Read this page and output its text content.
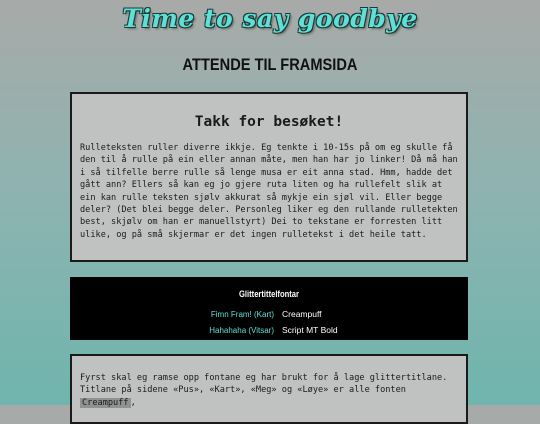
Time to say goodbye
ATTENDE TIL FRAMSIDA
Takk for besøket!

Rulleteksten ruller diverre ikkje. Eg tenkte i 10-15s på om eg skulle få den til å rulle på ein eller annan måte, men han har jo linker! Då må han i så tilfelle berre rulle så lenge musa er eit anna stad. Hmm, hadde det gått ann? Ellers så kan eg jo gjere ruta liten og ha rullefelt slik at ein kan rulle teksten sjølv akkurat så mykje ein sjøl vil. Eller begge deler? (Det blei begge deler. Personleg liker eg den rullande rulletekten best, skjølv om han er manuellstyrt) Dei to tekstane er forresten litt ulike, og på små skjermar er det ingen rulletekst i det heile tatt.

Glittertittelfontar
Fimn Fram! (Kart) Creampuff
Hahahaha (Vitsar) Script MT Bold

Fyrst skal eg ramse opp fontane eg har brukt for å lage glittertitlane. Titlane på sidene «Pus», «Kart», «Meg» og «Løye» er alle fonten Creampuff ,
